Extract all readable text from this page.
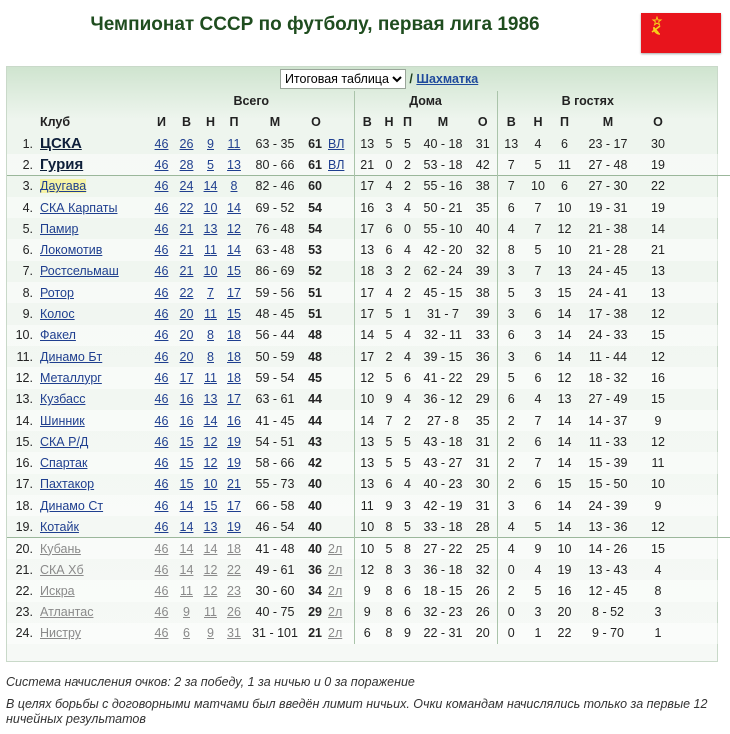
Чемпионат СССР по футболу, первая лига 1986
Итоговая таблица / Шахматка
		Всего							Дома					В гостях					
	Клуб	И	В	Н	П	М	О		В	Н	П	М	О	В	Н	П	М	О	
1.	ЦСКА	46	26	9	11	63 - 35	61	ВЛ	13	5	5	40 - 18	31	13	4	6	23 - 17	30	
2.	Гурия	46	28	5	13	80 - 66	61	ВЛ	21	0	2	53 - 18	42	7	5	11	27 - 48	19	
3.	Даугава	46	24	14	8	82 - 46	60		17	4	2	55 - 16	38	7	10	6	27 - 30	22	
4.	СКА Карпаты	46	22	10	14	69 - 52	54		16	3	4	50 - 21	35	6	7	10	19 - 31	19	
5.	Памир	46	21	13	12	76 - 48	54		17	6	0	55 - 10	40	4	7	12	21 - 38	14	
6.	Локомотив	46	21	11	14	63 - 48	53		13	6	4	42 - 20	32	8	5	10	21 - 28	21	
7.	Ростсельмаш	46	21	10	15	86 - 69	52		18	3	2	62 - 24	39	3	7	13	24 - 45	13	
8.	Ротор	46	22	7	17	59 - 56	51		17	4	2	45 - 15	38	5	3	15	24 - 41	13	
9.	Колос	46	20	11	15	48 - 45	51		17	5	1	31 - 7	39	3	6	14	17 - 38	12	
10.	Факел	46	20	8	18	56 - 44	48		14	5	4	32 - 11	33	6	3	14	24 - 33	15	
11.	Динамо Бт	46	20	8	18	50 - 59	48		17	2	4	39 - 15	36	3	6	14	11 - 44	12	
12.	Металлург	46	17	11	18	59 - 54	45		12	5	6	41 - 22	29	5	6	12	18 - 32	16	
13.	Кузбасс	46	16	13	17	63 - 61	44		10	9	4	36 - 12	29	6	4	13	27 - 49	15	
14.	Шинник	46	16	14	16	41 - 45	44		14	7	2	27 - 8	35	2	7	14	14 - 37	9	
15.	СКА Р/Д	46	15	12	19	54 - 51	43		13	5	5	43 - 18	31	2	6	14	11 - 33	12	
16.	Спартак	46	15	12	19	58 - 66	42		13	5	5	43 - 27	31	2	7	14	15 - 39	11	
17.	Пахтакор	46	15	10	21	55 - 73	40		13	6	4	40 - 23	30	2	6	15	15 - 50	10	
18.	Динамо Ст	46	14	15	17	66 - 58	40		11	9	3	42 - 19	31	3	6	14	24 - 39	9	
19.	Котайк	46	14	13	19	46 - 54	40		10	8	5	33 - 18	28	4	5	14	13 - 36	12	
20.	Кубань	46	14	14	18	41 - 48	40	2л	10	5	8	27 - 22	25	4	9	10	14 - 26	15	
21.	СКА Хб	46	14	12	22	49 - 61	36	2л	12	8	3	36 - 18	32	0	4	19	13 - 43	4	
22.	Искра	46	11	12	23	30 - 60	34	2л	9	8	6	18 - 15	26	2	5	16	12 - 45	8	
23.	Атлантас	46	9	11	26	40 - 75	29	2л	9	8	6	32 - 23	26	0	3	20	8 - 52	3	
24.	Нистру	46	6	9	31	31 - 101	21	2л	6	8	9	22 - 31	20	0	1	22	9 - 70	1	
Система начисления очков: 2 за победу, 1 за ничью и 0 за поражение
В целях борьбы с договорными матчами был введён лимит ничьих. Очки командам начислялись только за первые 12 ничейных результатов
